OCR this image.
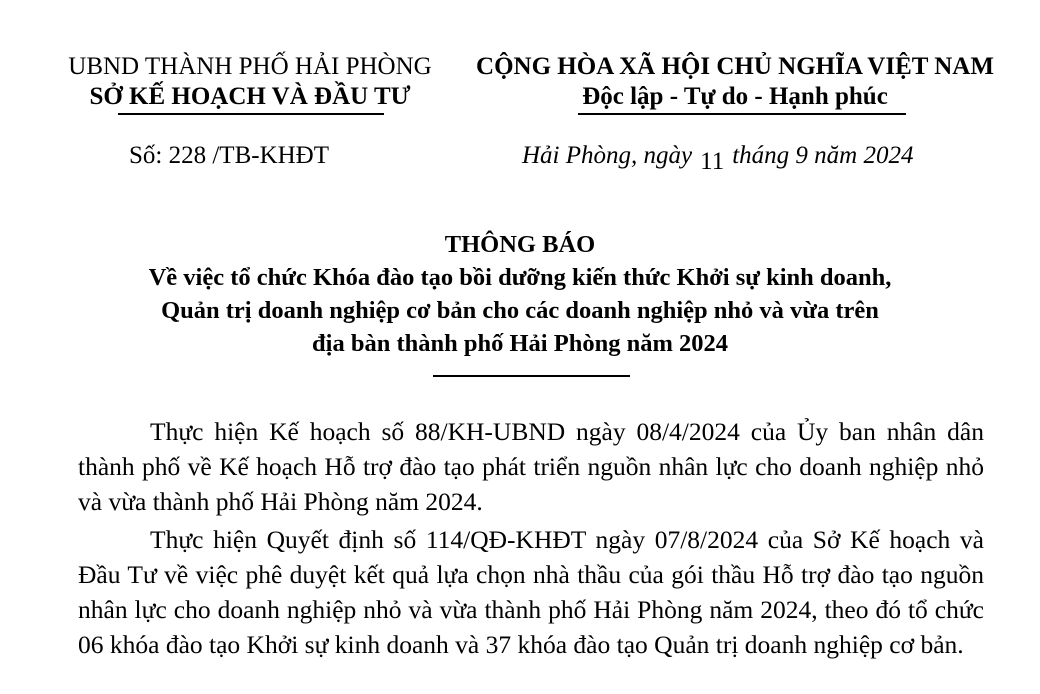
UBND THÀNH PHỐ HẢI PHÒNG
SỞ KẾ HOẠCH VÀ ĐẦU TƯ
CỘNG HÒA XÃ HỘI CHỦ NGHĨA VIỆT NAM
Độc lập - Tự do - Hạnh phúc
Số: 228 /TB-KHĐT	Hải Phòng, ngày 11 tháng 9 năm 2024
THÔNG BÁO
Về việc tổ chức Khóa đào tạo bồi dưỡng kiến thức Khởi sự kinh doanh,
Quản trị doanh nghiệp cơ bản cho các doanh nghiệp nhỏ và vừa trên
địa bàn thành phố Hải Phòng năm 2024
Thực hiện Kế hoạch số 88/KH-UBND ngày 08/4/2024 của Ủy ban nhân dân thành phố về Kế hoạch Hỗ trợ đào tạo phát triển nguồn nhân lực cho doanh nghiệp nhỏ và vừa thành phố Hải Phòng năm 2024.
Thực hiện Quyết định số 114/QĐ-KHĐT ngày 07/8/2024 của Sở Kế hoạch và Đầu Tư về việc phê duyệt kết quả lựa chọn nhà thầu của gói thầu Hỗ trợ đào tạo nguồn nhân lực cho doanh nghiệp nhỏ và vừa thành phố Hải Phòng năm 2024, theo đó tổ chức 06 khóa đào tạo Khởi sự kinh doanh và 37 khóa đào tạo Quản trị doanh nghiệp cơ bản.
